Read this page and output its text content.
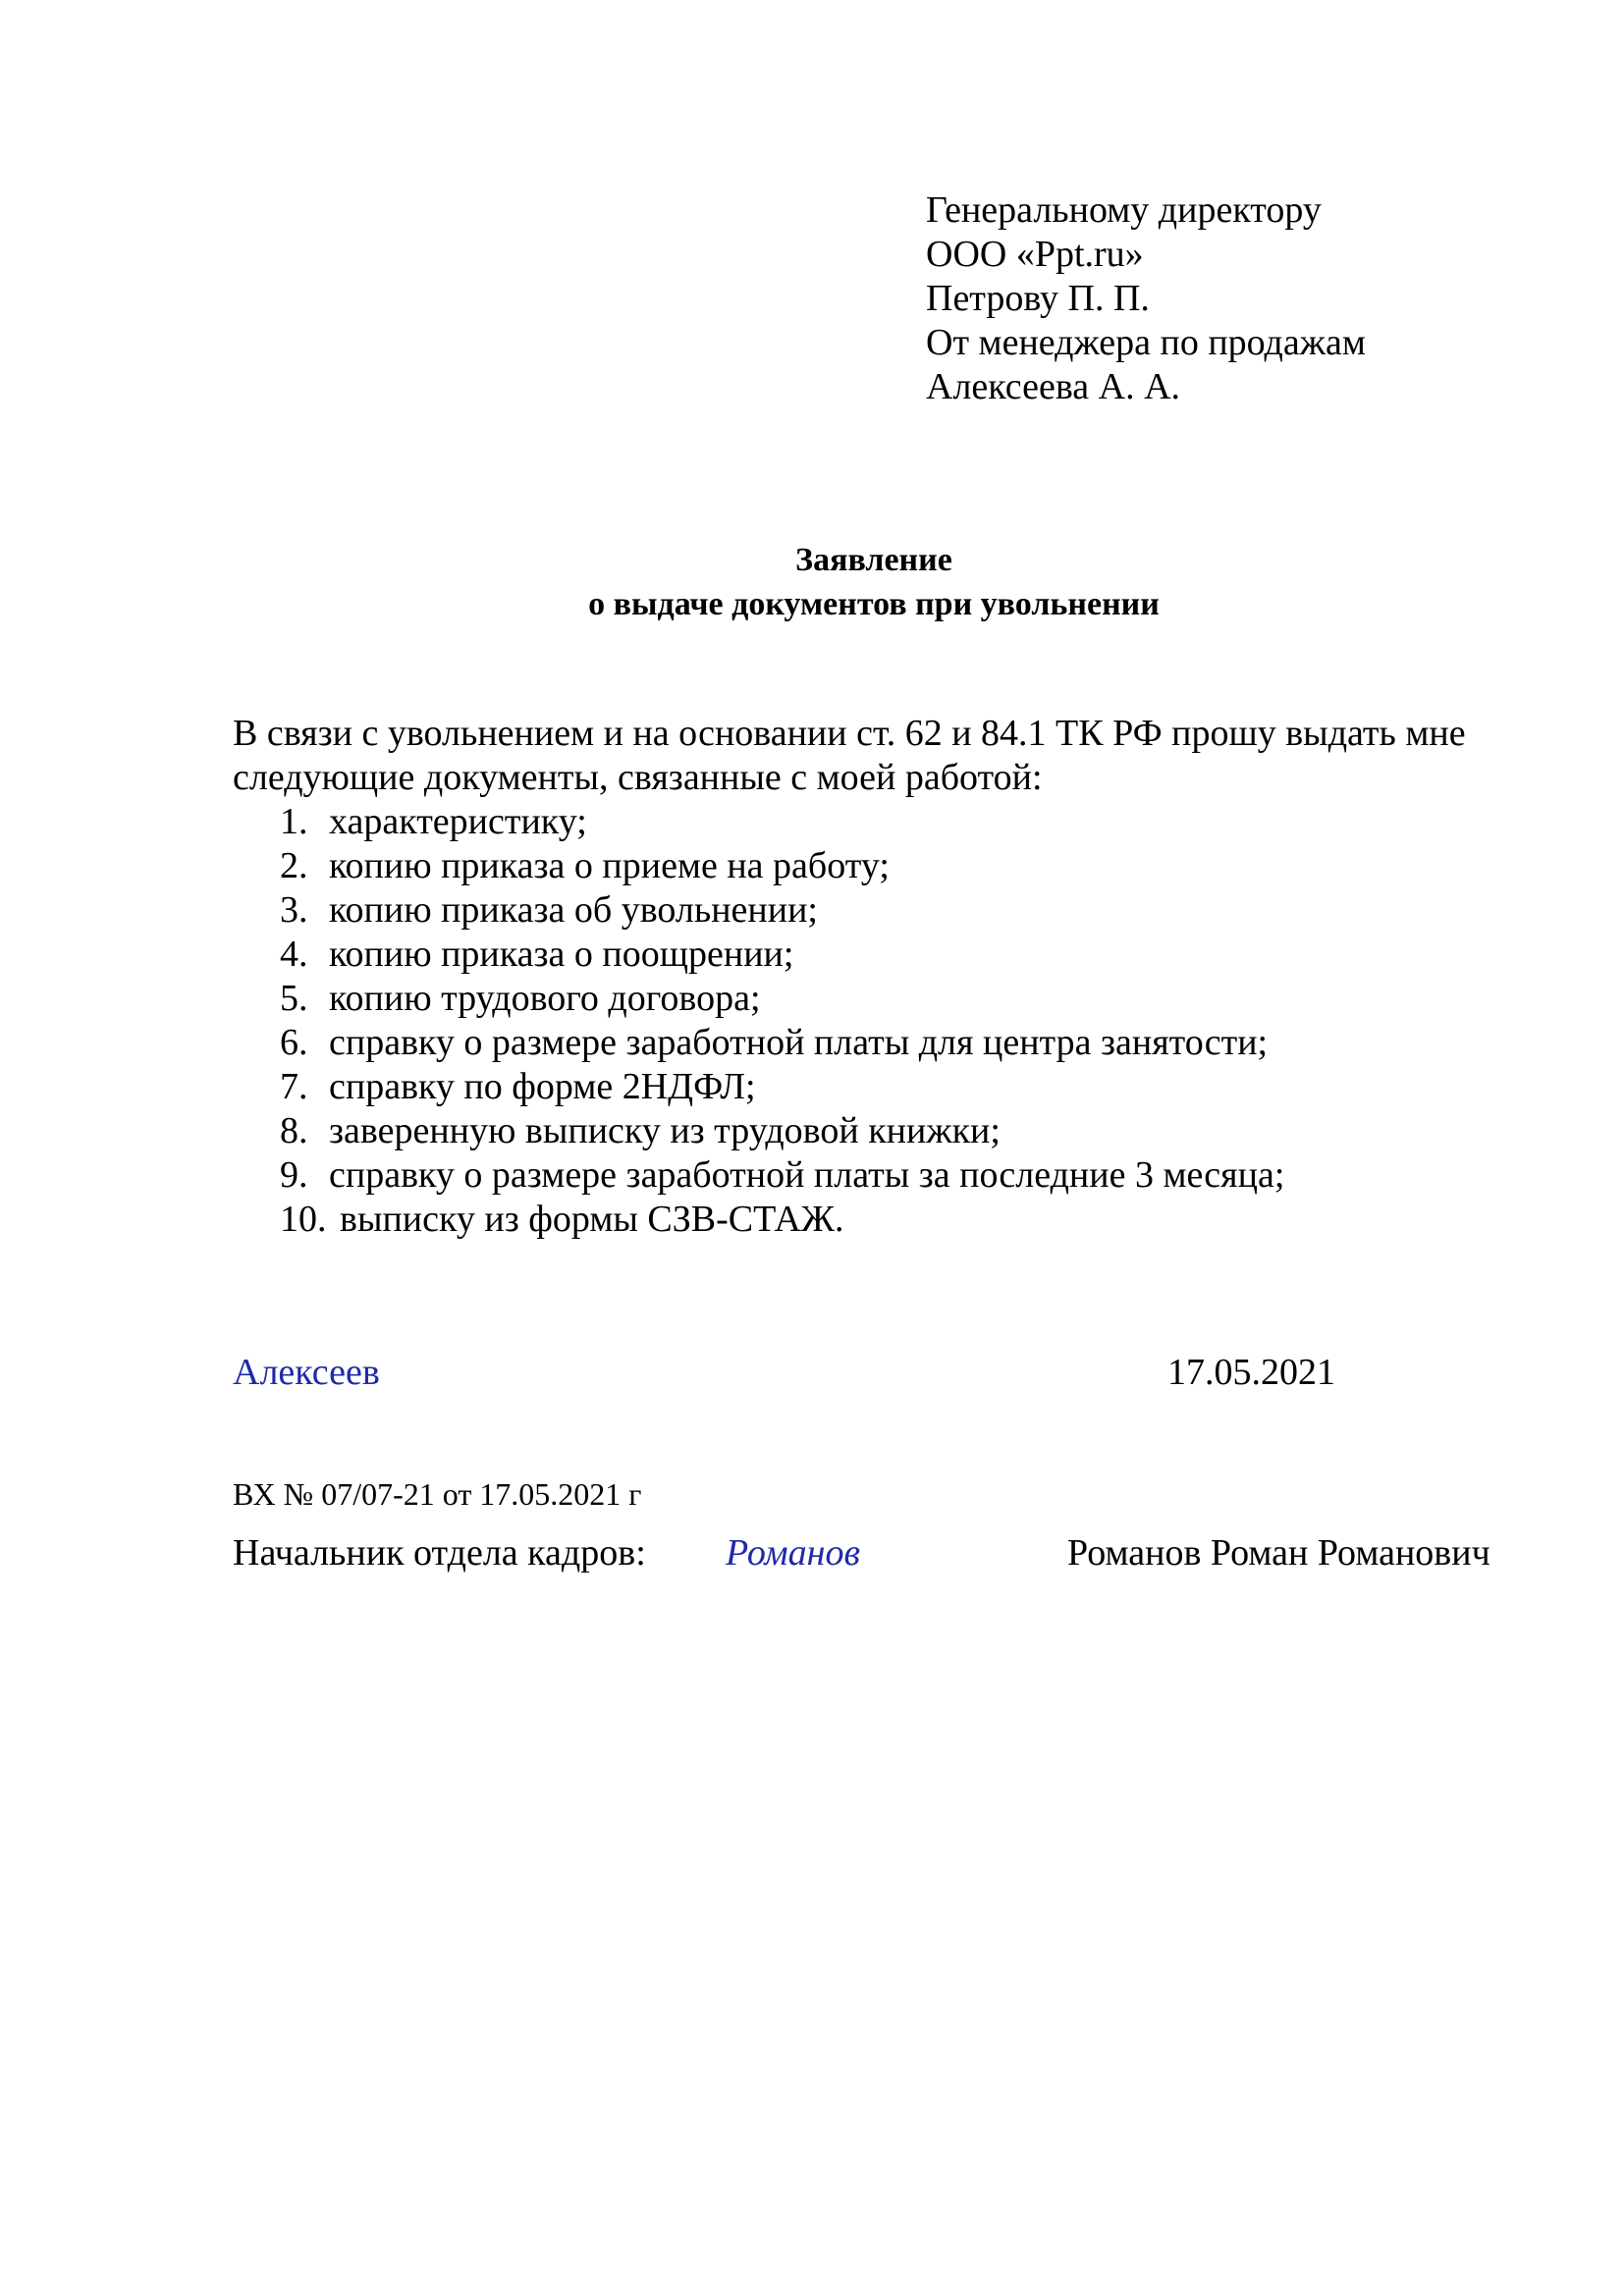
Генеральному директору
ООО «Ppt.ru»
Петрову П. П.
От менеджера по продажам
Алексеева А. А.
Заявление
о выдаче документов при увольнении
В связи с увольнением и на основании ст. 62 и 84.1 ТК РФ прошу выдать мне
следующие документы, связанные с моей работой:
1. характеристику;
2. копию приказа о приеме на работу;
3. копию приказа об увольнении;
4. копию приказа о поощрении;
5. копию трудового договора;
6. справку о размере заработной платы для центра занятости;
7. справку по форме 2НДФЛ;
8. заверенную выписку из трудовой книжки;
9. справку о размере заработной платы за последние 3 месяца;
10. выписку из формы СЗВ-СТАЖ.
Алексеев	17.05.2021
ВХ № 07/07-21 от 17.05.2021 г
Начальник отдела кадров: Романов	Романов Роман Романович
